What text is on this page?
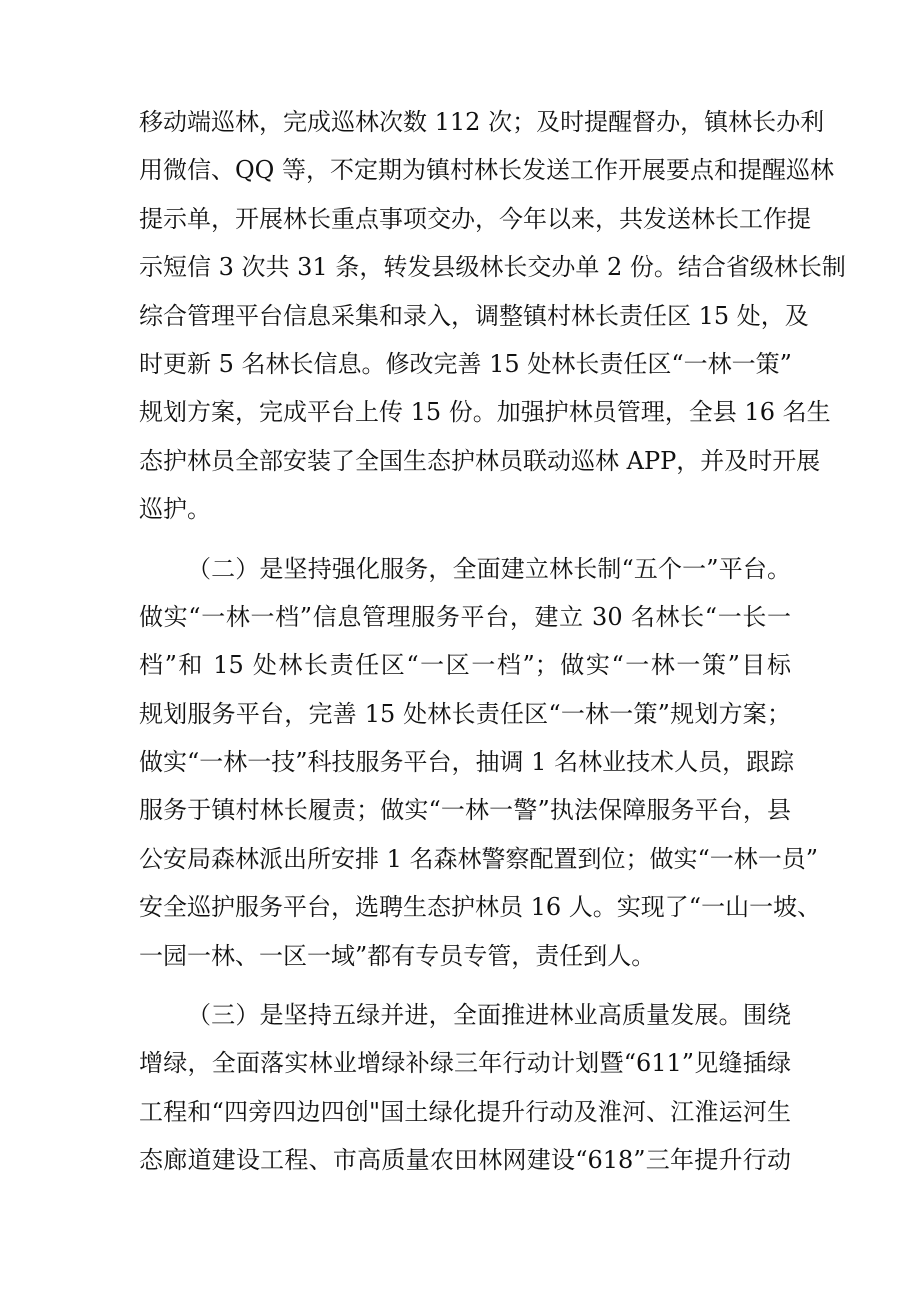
移动端巡林，完成巡林次数 112 次；及时提醒督办，镇林长办利
用微信、QQ 等，不定期为镇村林长发送工作开展要点和提醒巡林
提示单，开展林长重点事项交办，今年以来，共发送林长工作提
示短信 3 次共 31 条，转发县级林长交办单 2 份。结合省级林长制
综合管理平台信息采集和录入，调整镇村林长责任区 15 处，及
时更新 5 名林长信息。修改完善 15 处林长责任区“一林一策”
规划方案，完成平台上传 15 份。加强护林员管理，全县 16 名生
态护林员全部安装了全国生态护林员联动巡林 APP，并及时开展
巡护。
（二）是坚持强化服务，全面建立林长制“五个一”平台。
做实“一林一档”信息管理服务平台，建立 30 名林长“一长一
档”和 15 处林长责任区“一区一档”；做实“一林一策”目标
规划服务平台，完善 15 处林长责任区“一林一策”规划方案；
做实“一林一技”科技服务平台，抽调 1 名林业技术人员，跟踪
服务于镇村林长履责；做实“一林一警”执法保障服务平台，县
公安局森林派出所安排 1 名森林警察配置到位；做实“一林一员”
安全巡护服务平台，选聘生态护林员 16 人。实现了“一山一坡、
一园一林、一区一域”都有专员专管，责任到人。
（三）是坚持五绿并进，全面推进林业高质量发展。围绕
增绿，全面落实林业增绿补绿三年行动计划暨“611”见缝插绿
工程和“四旁四边四创"国土绿化提升行动及淮河、江淮运河生
态廊道建设工程、市高质量农田林网建设“618”三年提升行动
